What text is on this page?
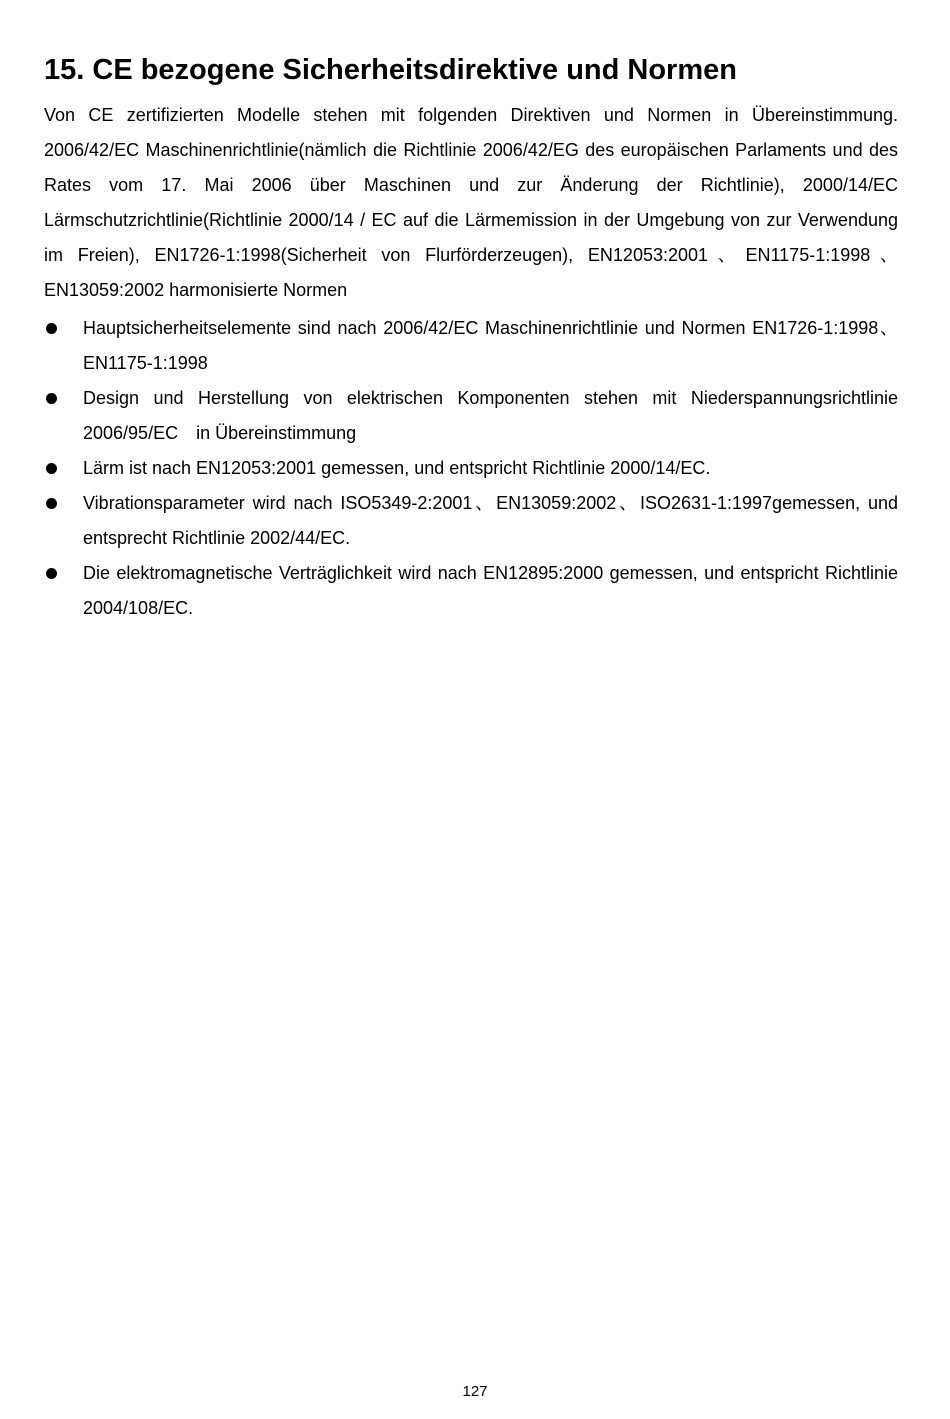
15. CE bezogene Sicherheitsdirektive und Normen

Von CE zertifizierten Modelle stehen mit folgenden Direktiven und Normen in Übereinstimmung. 2006/42/EC Maschinenrichtlinie(nämlich die Richtlinie 2006/42/EG des europäischen Parlaments und des Rates vom 17. Mai 2006 über Maschinen und zur Änderung der Richtlinie), 2000/14/EC Lärmschutzrichtlinie(Richtlinie 2000/14 / EC auf die Lärmemission in der Umgebung von zur Verwendung im Freien), EN1726-1:1998(Sicherheit von Flurförderzeugen), EN12053:2001、EN1175-1:1998、EN13059:2002 harmonisierte Normen

Hauptsicherheitselemente sind nach 2006/42/EC Maschinenrichtlinie und Normen EN1726-1:1998、EN1175-1:1998
Design und Herstellung von elektrischen Komponenten stehen mit Niederspannungsrichtlinie 2006/95/EC　in Übereinstimmung
Lärm ist nach EN12053:2001 gemessen, und entspricht Richtlinie 2000/14/EC.
Vibrationsparameter wird nach ISO5349-2:2001、EN13059:2002、ISO2631-1:1997gemessen, und entsprecht Richtlinie 2002/44/EC.
Die elektromagnetische Verträglichkeit wird nach EN12895:2000 gemessen, und entspricht Richtlinie 2004/108/EC.
127
